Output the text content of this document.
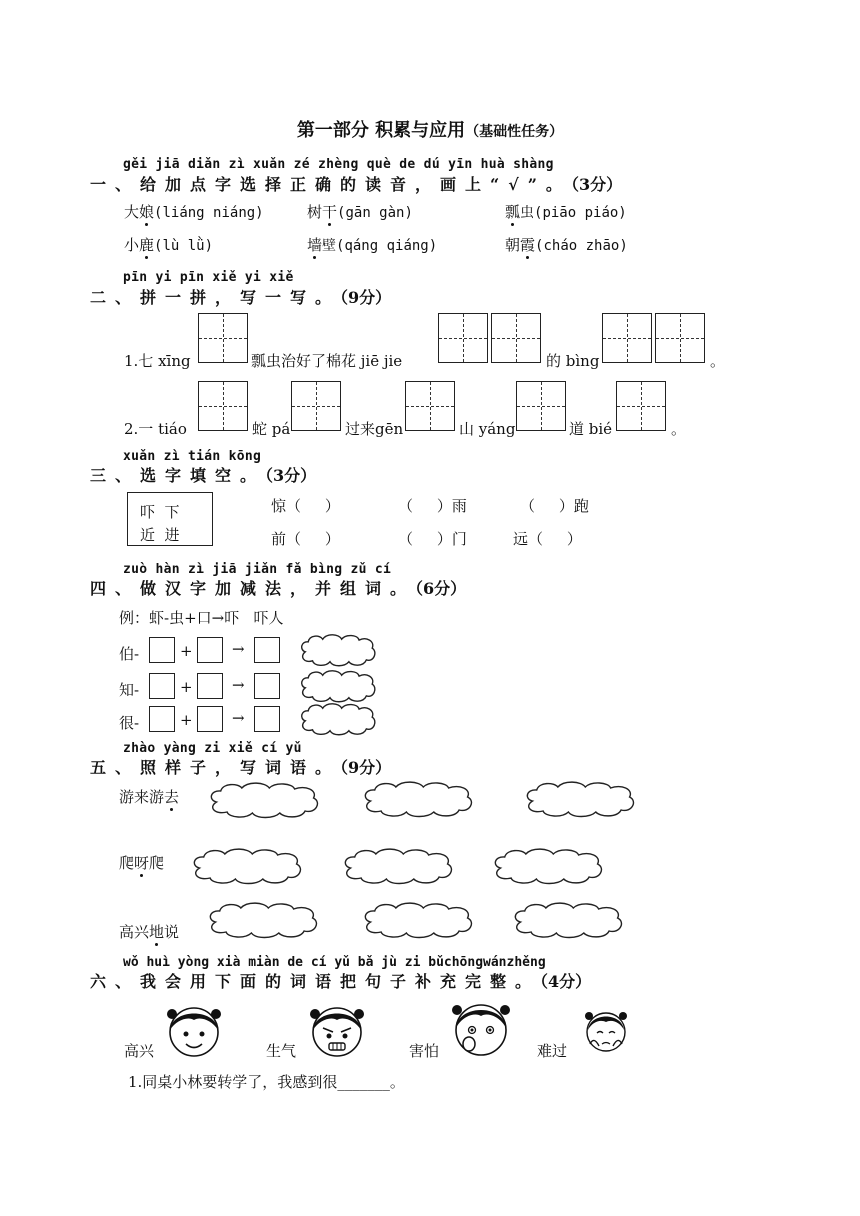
第一部分 积累与应用（基础性任务）
gěi jiā diǎn zì xuǎn zé zhèng què de dú yīn huà shàng
一、给加点字选择正确的读音，画上“√”。（3分）
大娘(liáng niáng)	树干(gān gàn)	瓢虫(piāo piáo)
小鹿(lù lǜ)	墙壁(qáng qiáng)	朝霞(cháo zhāo)
pīn yi pīn xiě yi xiě
二、拼一拼，写一写。（9分）
1.七 xīng	瓢虫治好了棉花 jiē jie	的 bìng	。
2.一 tiáo	蛇 pá	过来gēn	山 yáng	道 bié	。
xuǎn zì tián kōng
三、选字填空。（3分）
吓  下
近  进
惊（     ）	（     ）雨	（     ）跑
前（     ）	（     ）门	远（     ）
zuò hàn zì jiā jiǎn fǎ bìng zǔ cí
四、做汉字加减法，并组词。（6分）
例：虾-虫+口→吓   吓人
伯-	+	→
知-	+	→
很-	+	→
zhào yàng zi xiě cí yǔ
五、照样子，写词语。（9分）
游来游去
爬呀爬
高兴地说
wǒ huì yòng xià miàn de cí yǔ bǎ jù zi bǔchōngwánzhěng
六、我会用下面的词语把句子补充完整。（4分）
高兴	生气	害怕	难过
1.同桌小林要转学了，我感到很_______。
